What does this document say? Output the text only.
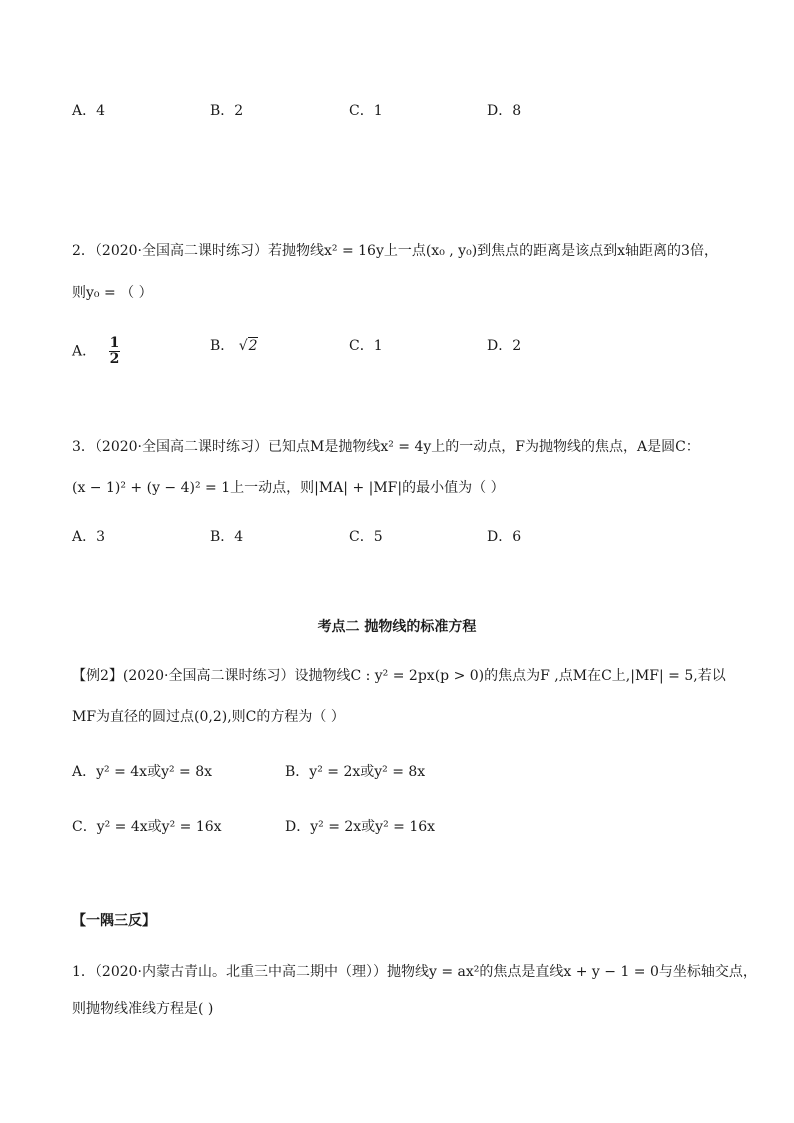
A．4	B．2	C．1	D．8
2．（2020·全国高二课时练习）若抛物线x² = 16y上一点(x₀ , y₀)到焦点的距离是该点到x轴距离的3倍，
则y₀ = （ ）
A． $\frac{1}{2}$	B． √2	C．1	D．2
3．（2020·全国高二课时练习）已知点M是抛物线x² = 4y上的一动点，F为抛物线的焦点，A是圆C：
(x − 1)² + (y − 4)² = 1上一动点，则|MA| + |MF|的最小值为（ ）
A．3	B．4	C．5	D．6
考点二 抛物线的标准方程
【例2】(2020·全国高二课时练习）设抛物线C : y² = 2px(p > 0)的焦点为F ,点M在C上,|MF| = 5,若以
MF为直径的圆过点(0,2),则C的方程为（ ）
A．y² = 4x或y² = 8x	B．y² = 2x或y² = 8x
C．y² = 4x或y² = 16x	D．y² = 2x或y² = 16x
【一隅三反】
1．（2020·内蒙古青山。北重三中高二期中（理））抛物线y = ax²的焦点是直线x + y − 1 = 0与坐标轴交点，
则抛物线准线方程是( )
